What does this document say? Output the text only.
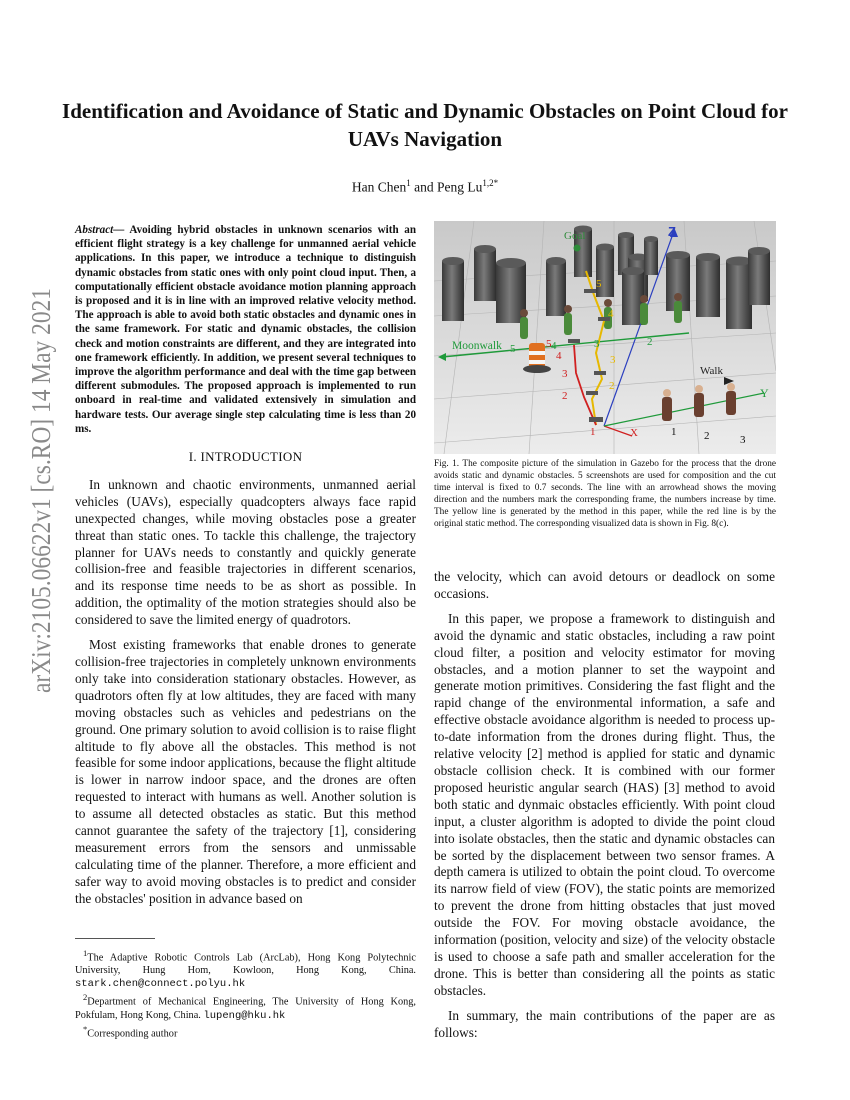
arXiv:2105.06622v1 [cs.RO] 14 May 2021
Identification and Avoidance of Static and Dynamic Obstacles on Point Cloud for UAVs Navigation
Han Chen$^1$ and Peng $Lu^{1,2*}$
Abstract— Avoiding hybrid obstacles in unknown scenarios with an efficient flight strategy is a key challenge for unmanned aerial vehicle applications. In this paper, we introduce a technique to distinguish dynamic obstacles from static ones with only point cloud input. Then, a computationally efficient obstacle avoidance motion planning approach is proposed and it is in line with an improved relative velocity method. The approach is able to avoid both static obstacles and dynamic ones in the same framework. For static and dynamic obstacles, the collision check and motion constraints are different, and they are integrated into one framework efficiently. In addition, we present several techniques to improve the algorithm performance and deal with the time gap between different submodules. The proposed approach is implemented to run onboard in real-time and validated extensively in simulation and hardware tests. Our average single step calculating time is less than 20 ms.
I. INTRODUCTION

In unknown and chaotic environments, unmanned aerial vehicles (UAVs), especially quadcopters always face rapid unexpected changes, while moving obstacles pose a greater threat than static ones. To tackle this challenge, the trajectory planner for UAVs needs to constantly and quickly generate collision-free and feasible trajectories in different scenarios, and its response time needs to be as short as possible. In addition, the optimality of the motion strategies should also be considered to save the limited energy of quadrotors.

Most existing frameworks that enable drones to generate collision-free trajectories in completely unknown environments only take into consideration stationary obstacles. However, as quadrotors often fly at low altitudes, they are faced with many moving obstacles such as vehicles and pedestrians on the ground. One primary solution to avoid collision is to raise flight altitude to fly above all the obstacles. This method is not feasible for some indoor applications, because the flight altitude is lower in narrow indoor space, and the drones are often requested to interact with humans as well. Another solution is to assume all detected obstacles as static. But this method cannot guarantee the safety of the trajectory [1], considering measurement errors from the sensors and unmissable calculating time of the planner. Therefore, a more efficient and safer way to avoid moving obstacles is to predict and consider the obstacles' position in advance based on

$^1$The Adaptive Robotic Controls Lab (ArcLab), Hong Kong Polytechnic University, Hung Hom, Kowloon, Hong Kong, China. stark.chen@connect.polyu.hk

$^2$Department of Mechanical Engineering, The University of Hong Kong, Pokfulam, Hong Kong, China. lupeng@hku.hk

*Corresponding author

Goal	Z
X
Y
Moonwalk
Walk
1	2	3
1
2
3
4
5
2
3
4
5
2
3
4
5
Fig. 1. The composite picture of the simulation in Gazebo for the process that the drone avoids static and dynamic obstacles. 5 screenshots are used for composition and the cut time interval is fixed to 0.7 seconds. The line with an arrowhead shows the moving direction and the numbers mark the corresponding frame, the numbers increase by time. The yellow line is generated by the method in this paper, while the red line is by the original static method. The corresponding visualized data is shown in Fig. 8(c).

the velocity, which can avoid detours or deadlock on some occasions.

In this paper, we propose a framework to distinguish and avoid the dynamic and static obstacles, including a raw point cloud filter, a position and velocity estimator for moving obstacles, and a motion planner to set the waypoint and generate motion primitives. Considering the fast flight and the rapid change of the environmental information, a safe and effective obstacle avoidance algorithm is needed to process up-to-date information from the drones during flight. Thus, the relative velocity [2] method is applied for static and dynamic obstacle collision check. It is combined with our former proposed heuristic angular search (HAS) [3] method to avoid both static and dynmaic obstacles efficiently. With point cloud input, a cluster algorithm is adopted to divide the point cloud into isolate obstacles, then the static and dynamic obstacles can be sorted by the displacement between two sensor frames. A depth camera is utilized to obtain the point cloud. To overcome its narrow field of view (FOV), the static points are memorized to prevent the drone from hitting obstacles that just moved outside the FOV. For moving obstacle avoidance, the information (position, velocity and size) of the velocity obstacle is used to choose a safe path and smaller acceleration for the drone. This is better than considering all the points as static obstacles.

In summary, the main contributions of the paper are as follows:
